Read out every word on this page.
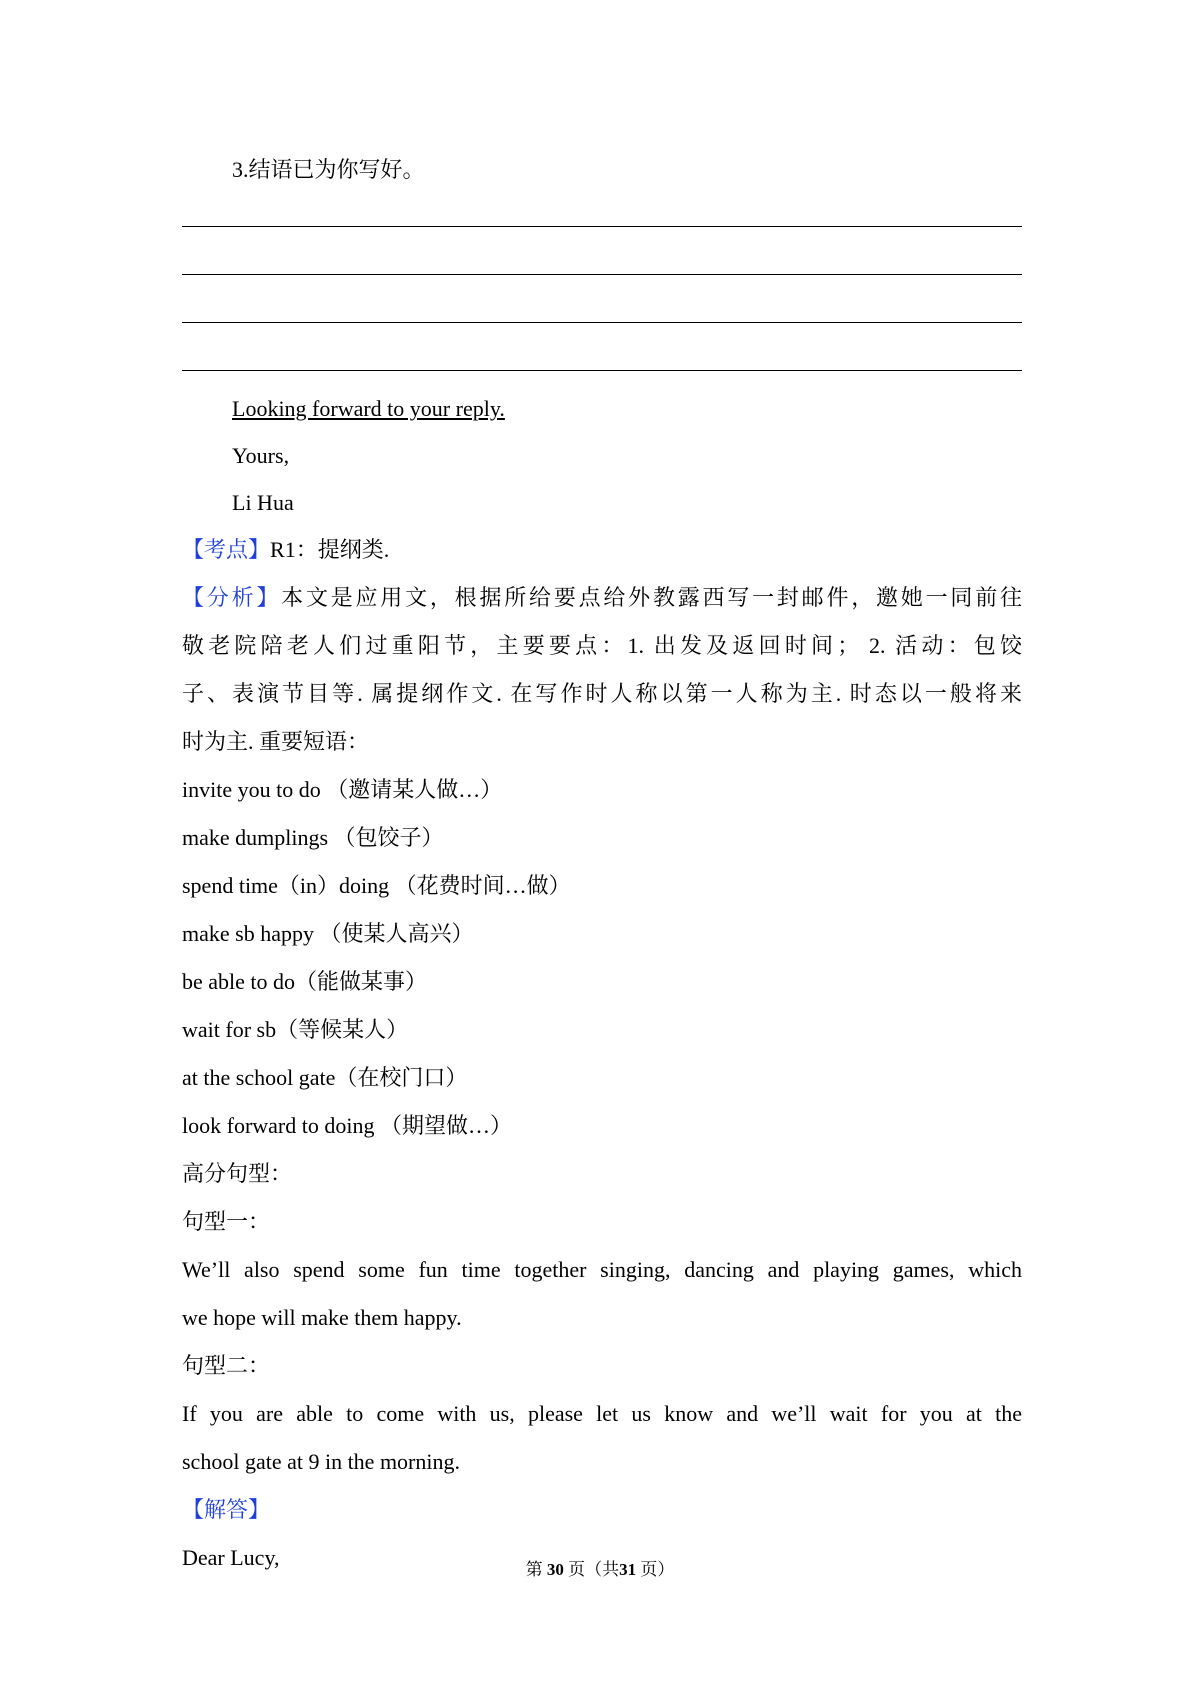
3.结语已为你写好。
Looking forward to your reply.
Yours,
Li Hua
【考点】R1：提纲类.
【分析】本文是应用文，根据所给要点给外教露西写一封邮件，邀她一同前往
敬老院陪老人们过重阳节，主要要点：1. 出发及返回时间； 2. 活动：包饺
子、表演节目等. 属提纲作文. 在写作时人称以第一人称为主. 时态以一般将来
时为主. 重要短语：
invite you to do （邀请某人做…）
make dumplings （包饺子）
spend time（in）doing （花费时间…做）
make sb happy （使某人高兴）
be able to do（能做某事）
wait for sb（等候某人）
at the school gate（在校门口）
look forward to doing （期望做…）
高分句型：
句型一：
We’ll also spend some fun time together singing, dancing and playing games, which
we hope will make them happy.
句型二：
If you are able to come with us, please let us know and we’ll wait for you at the
school gate at 9 in the morning.
【解答】
Dear Lucy,	第 30 页（共31 页）
